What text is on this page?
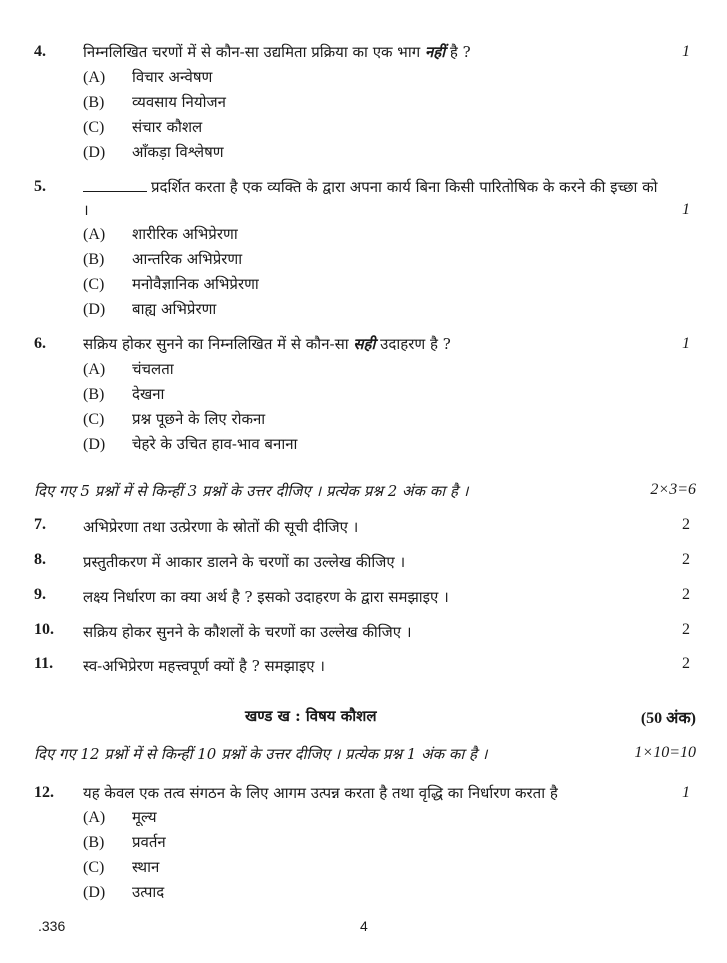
4. निम्नलिखित चरणों में से कौन-सा उद्यमिता प्रक्रिया का एक भाग नहीं है ?	1
(A) विचार अन्वेषण
(B) व्यवसाय नियोजन
(C) संचार कौशल
(D) आँकड़ा विश्लेषण
5.	प्रदर्शित करता है एक व्यक्ति के द्वारा अपना कार्य बिना किसी पारितोषिक के करने की इच्छा को ।	1
(A) शारीरिक अभिप्रेरणा
(B) आन्तरिक अभिप्रेरणा
(C) मनोवैज्ञानिक अभिप्रेरणा
(D) बाह्य अभिप्रेरणा
6. सक्रिय होकर सुनने का निम्नलिखित में से कौन-सा सही उदाहरण है ?	1
(A) चंचलता
(B) देखना
(C) प्रश्न पूछने के लिए रोकना
(D) चेहरे के उचित हाव-भाव बनाना
दिए गए 5 प्रश्नों में से किन्हीं 3 प्रश्नों के उत्तर दीजिए । प्रत्येक प्रश्न 2 अंक का है ।	2×3=6
7. अभिप्रेरणा तथा उत्प्रेरणा के स्रोतों की सूची दीजिए ।	2
8. प्रस्तुतीकरण में आकार डालने के चरणों का उल्लेख कीजिए ।	2
9. लक्ष्य निर्धारण का क्या अर्थ है ? इसको उदाहरण के द्वारा समझाइए ।	2
10. सक्रिय होकर सुनने के कौशलों के चरणों का उल्लेख कीजिए ।	2
11. स्व-अभिप्रेरण महत्त्वपूर्ण क्यों है ? समझाइए ।	2
खण्ड ख : विषय कौशल	(50 अंक)
दिए गए 12 प्रश्नों में से किन्हीं 10 प्रश्नों के उत्तर दीजिए । प्रत्येक प्रश्न 1 अंक का है ।	1×10=10
12. यह केवल एक तत्व संगठन के लिए आगम उत्पन्न करता है तथा वृद्धि का निर्धारण करता है	1
(A) मूल्य
(B) प्रवर्तन
(C) स्थान
(D) उत्पाद
.336	4
